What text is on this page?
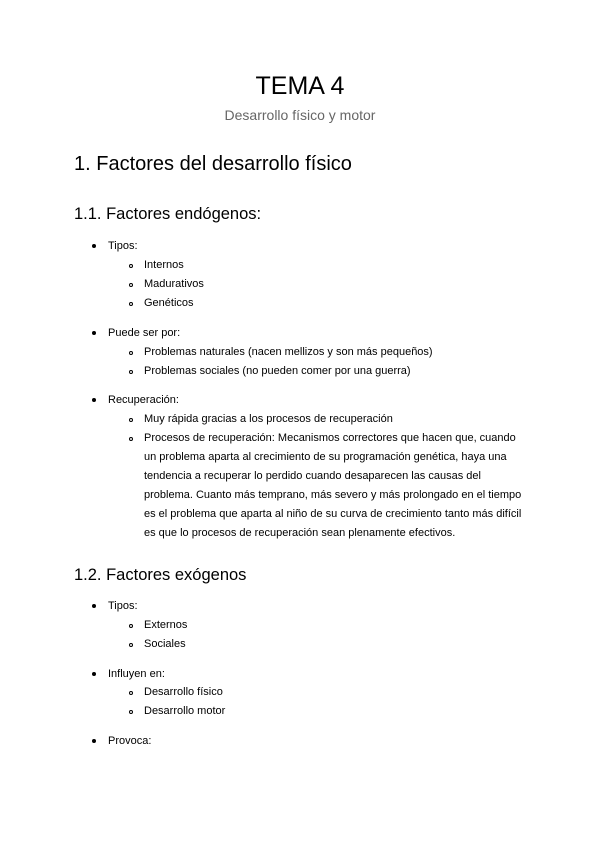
TEMA 4

Desarrollo físico y motor

1. Factores del desarrollo físico
1.1. Factores endógenos:
Tipos:
Internos
Madurativos
Genéticos
Puede ser por:
Problemas naturales (nacen mellizos y son más pequeños)
Problemas sociales (no pueden comer por una guerra)
Recuperación:
Muy rápida gracias a los procesos de recuperación
Procesos de recuperación: Mecanismos correctores que hacen que, cuando
un problema aparta al crecimiento de su programación genética, haya una
tendencia a recuperar lo perdido cuando desaparecen las causas del
problema. Cuanto más temprano, más severo y más prolongado en el tiempo
es el problema que aparta al niño de su curva de crecimiento tanto más difícil
es que lo procesos de recuperación sean plenamente efectivos.
1.2. Factores exógenos
Tipos:
Externos
Sociales
Influyen en:
Desarrollo físico
Desarrollo motor
Provoca:
